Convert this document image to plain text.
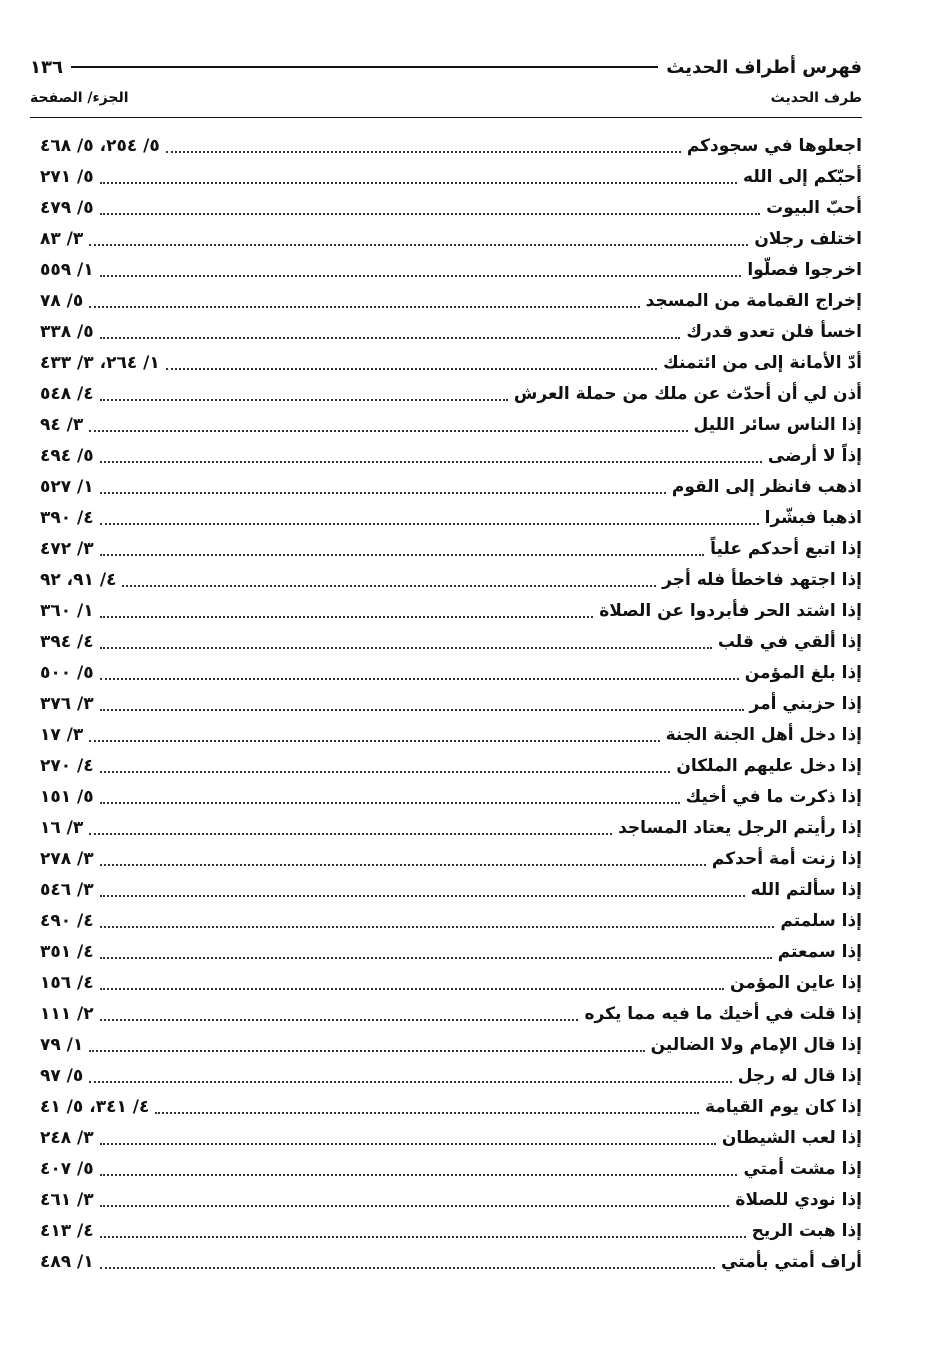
فهرس أطراف الحديث
١٣٦
طرف الحديث
الجزء/ الصفحة
اجعلوها في سجودكم
٥/ ٢٥٤، ٥/ ٤٦٨
أحبّكم إلى الله
٥/ ٢٧١
أحبّ البيوت
٥/ ٤٧٩
اختلف رجلان
٣/ ٨٣
اخرجوا فصلّوا
١/ ٥٥٩
إخراج القمامة من المسجد
٥/ ٧٨
اخسأ فلن تعدو قدرك
٥/ ٣٣٨
أدّ الأمانة إلى من ائتمنك
١/ ٢٦٤، ٣/ ٤٣٣
أذن لي أن أحدّث عن ملك من حملة العرش
٤/ ٥٤٨
إذا الناس سائر الليل
٣/ ٩٤
إذاً لا أرضى
٥/ ٤٩٤
اذهب فانظر إلى القوم
١/ ٥٢٧
اذهبا فبشّرا
٤/ ٣٩٠
إذا اتبع أحدكم علياً
٣/ ٤٧٢
إذا اجتهد فاخطأ فله أجر
٤/ ٩١، ٩٢
إذا اشتد الحر فأبردوا عن الصلاة
١/ ٣٦٠
إذا ألقي في قلب
٤/ ٣٩٤
إذا بلغ المؤمن
٥/ ٥٠٠
إذا حزبني أمر
٣/ ٣٧٦
إذا دخل أهل الجنة الجنة
٣/ ١٧
إذا دخل عليهم الملكان
٤/ ٢٧٠
إذا ذكرت ما في أخيك
٥/ ١٥١
إذا رأيتم الرجل يعتاد المساجد
٣/ ١٦
إذا زنت أمة أحدكم
٣/ ٢٧٨
إذا سألتم الله
٣/ ٥٤٦
إذا سلمتم
٤/ ٤٩٠
إذا سمعتم
٤/ ٣٥١
إذا عاين المؤمن
٤/ ١٥٦
إذا قلت في أخيك ما فيه مما يكره
٢/ ١١١
إذا قال الإمام ولا الضالين
١/ ٧٩
إذا قال له رجل
٥/ ٩٧
إذا كان يوم القيامة
٤/ ٣٤١، ٥/ ٤١
إذا لعب الشيطان
٣/ ٢٤٨
إذا مشت أمتي
٥/ ٤٠٧
إذا نودي للصلاة
٣/ ٤٦١
إذا هبت الريح
٤/ ٤١٣
أراف أمتي بأمتي
١/ ٤٨٩
